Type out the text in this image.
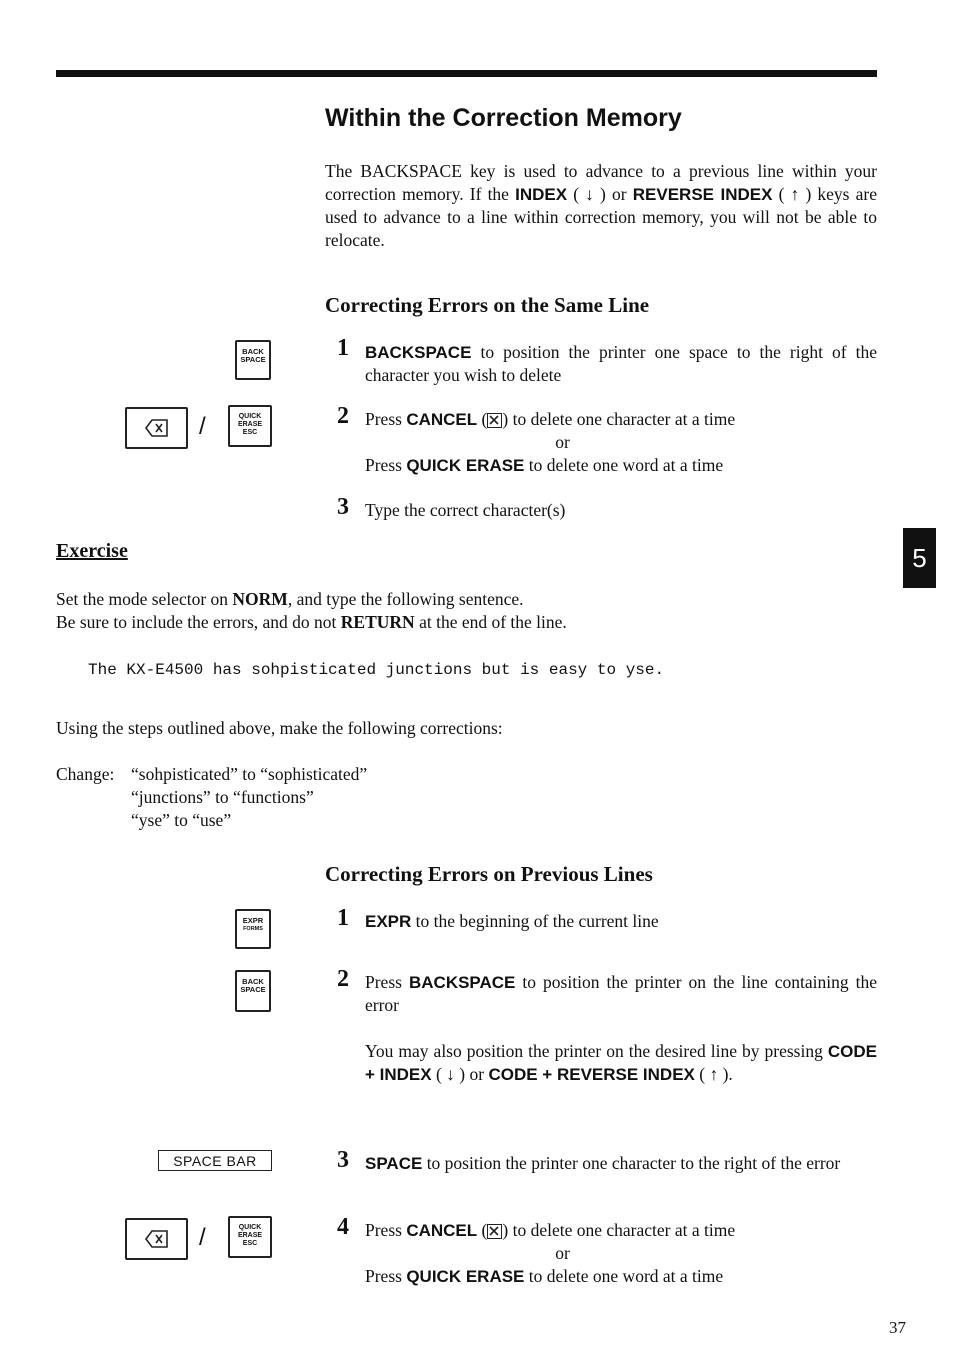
5
Within the Correction Memory
The BACKSPACE key is used to advance to a previous line within your correction memory. If the INDEX ( ↓ ) or REVERSE INDEX ( ↑ ) keys are used to advance to a line within correction memory, you will not be able to relocate.
Correcting Errors on the Same Line
BACK
SPACE
/	QUICK
ERASE
ESC
1 BACKSPACE to position the printer one space to the right of the character you wish to delete
2 Press CANCEL ( ) to delete one character at a time
or
Press QUICK ERASE to delete one word at a time
3 Type the correct character(s)
Exercise
Set the mode selector on NORM, and type the following sentence.
Be sure to include the errors, and do not RETURN at the end of the line.
The KX-E4500 has sohpisticated junctions but is easy to yse.
Using the steps outlined above, make the following corrections:
Change: “sohpisticated” to “sophisticated”
“junctions” to “functions”
“yse” to “use”
Correcting Errors on Previous Lines
EXPR
FORMS
BACK
SPACE
SPACE BAR
/	QUICK
ERASE
ESC
1 EXPR to the beginning of the current line
2 Press BACKSPACE to position the printer on the line containing the error
You may also position the printer on the desired line by pressing CODE + INDEX ( ↓ ) or CODE + REVERSE INDEX ( ↑ ).
3 SPACE to position the printer one character to the right of the error
4 Press CANCEL ( ) to delete one character at a time
or
Press QUICK ERASE to delete one word at a time
37
